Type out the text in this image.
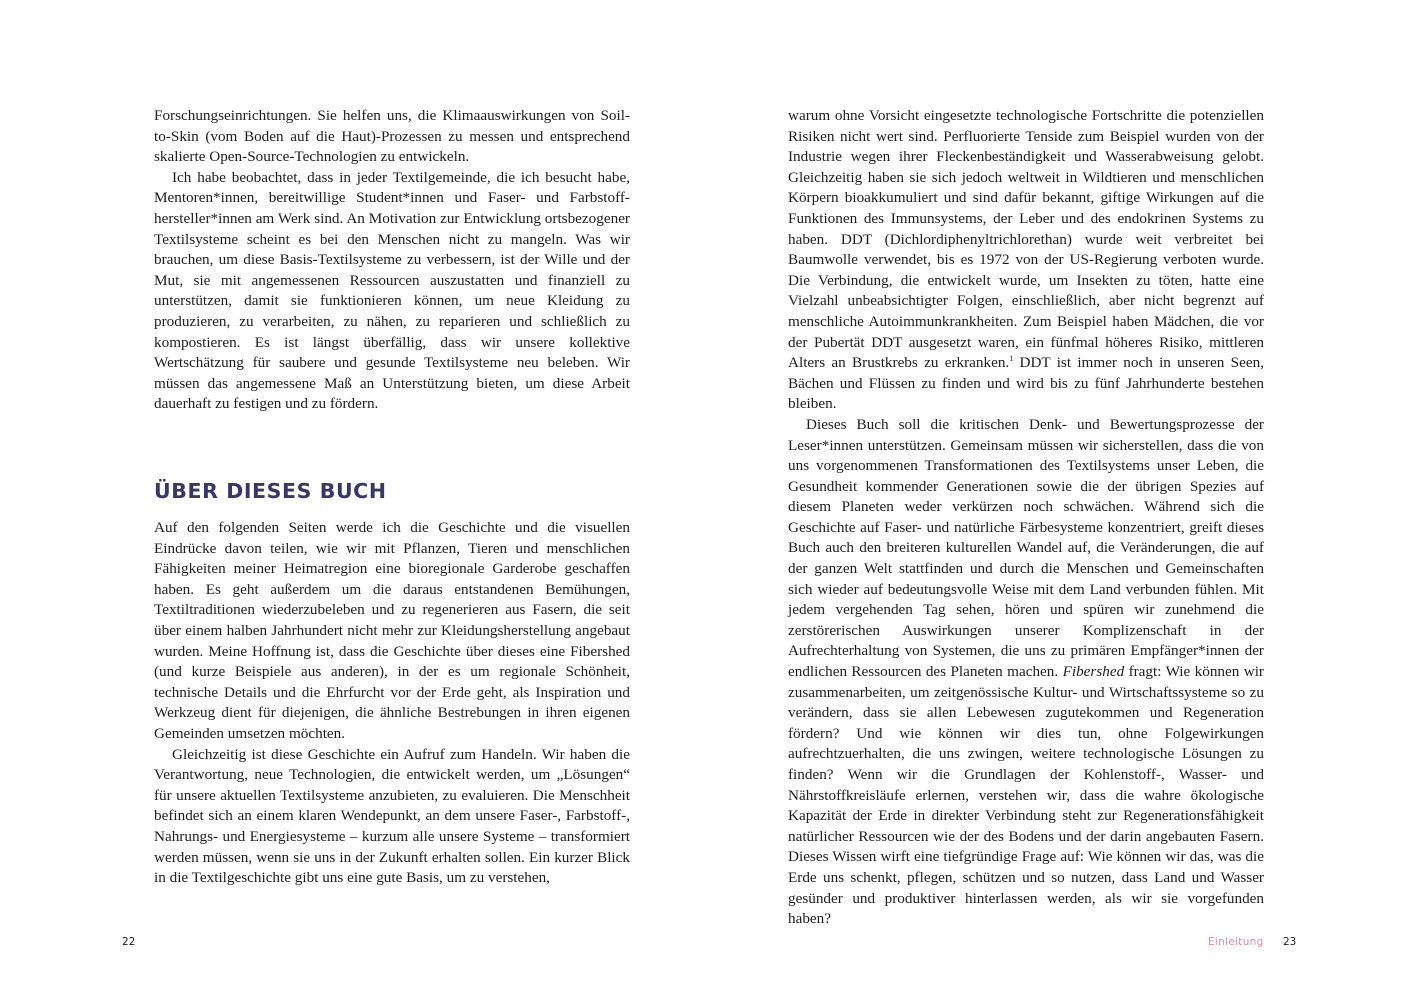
Forschungseinrichtungen. Sie helfen uns, die Klimaauswirkungen von Soil-to-Skin (vom Boden auf die Haut)-Prozessen zu messen und entsprechend skalierte Open-Source-Technologien zu entwickeln.

Ich habe beobachtet, dass in jeder Textilgemeinde, die ich besucht habe, Mentoren*innen, bereitwillige Student*innen und Faser- und Farbstoff-hersteller*innen am Werk sind. An Motivation zur Entwicklung ortsbezogener Textilsysteme scheint es bei den Menschen nicht zu mangeln. Was wir brauchen, um diese Basis-Textilsysteme zu verbessern, ist der Wille und der Mut, sie mit angemessenen Ressourcen auszustatten und finanziell zu unterstützen, damit sie funktionieren können, um neue Kleidung zu produzieren, zu verarbeiten, zu nähen, zu reparieren und schließlich zu kompostieren. Es ist längst überfällig, dass wir unsere kollektive Wertschätzung für saubere und gesunde Textilsysteme neu beleben. Wir müssen das angemessene Maß an Unterstützung bieten, um diese Arbeit dauerhaft zu festigen und zu fördern.

ÜBER DIESES BUCH

Auf den folgenden Seiten werde ich die Geschichte und die visuellen Eindrücke davon teilen, wie wir mit Pflanzen, Tieren und menschlichen Fähigkeiten meiner Heimatregion eine bioregionale Garderobe geschaffen haben. Es geht außerdem um die daraus entstandenen Bemühungen, Textiltraditionen wiederzubeleben und zu regenerieren aus Fasern, die seit über einem halben Jahrhundert nicht mehr zur Kleidungsherstellung angebaut wurden. Meine Hoffnung ist, dass die Geschichte über dieses eine Fibershed (und kurze Beispiele aus anderen), in der es um regionale Schönheit, technische Details und die Ehrfurcht vor der Erde geht, als Inspiration und Werkzeug dient für diejenigen, die ähnliche Bestrebungen in ihren eigenen Gemeinden umsetzen möchten.

Gleichzeitig ist diese Geschichte ein Aufruf zum Handeln. Wir haben die Verantwortung, neue Technologien, die entwickelt werden, um „Lösungen“ für unsere aktuellen Textilsysteme anzubieten, zu evaluieren. Die Menschheit befindet sich an einem klaren Wendepunkt, an dem unsere Faser-, Farbstoff-, Nahrungs- und Energiesysteme – kurzum alle unsere Systeme – transformiert werden müssen, wenn sie uns in der Zukunft erhalten sollen. Ein kurzer Blick in die Textilgeschichte gibt uns eine gute Basis, um zu verstehen,

22

warum ohne Vorsicht eingesetzte technologische Fortschritte die potenziellen Risiken nicht wert sind. Perfluorierte Tenside zum Beispiel wurden von der Industrie wegen ihrer Fleckenbeständigkeit und Wasserabweisung gelobt. Gleichzeitig haben sie sich jedoch weltweit in Wildtieren und menschlichen Körpern bioakkumuliert und sind dafür bekannt, giftige Wirkungen auf die Funktionen des Immunsystems, der Leber und des endokrinen Systems zu haben. DDT (Dichlordiphenyltrichlorethan) wurde weit verbreitet bei Baumwolle verwendet, bis es 1972 von der US-Regierung verboten wurde. Die Verbindung, die entwickelt wurde, um Insekten zu töten, hatte eine Vielzahl unbeabsichtigter Folgen, einschließlich, aber nicht begrenzt auf menschliche Autoimmunkrankheiten. Zum Beispiel haben Mädchen, die vor der Pubertät DDT ausgesetzt waren, ein fünfmal höheres Risiko, mittleren Alters an Brustkrebs zu erkranken.$^1$ DDT ist immer noch in unseren Seen, Bächen und Flüssen zu finden und wird bis zu fünf Jahrhunderte bestehen bleiben.

Dieses Buch soll die kritischen Denk- und Bewertungsprozesse der Leser*innen unterstützen. Gemeinsam müssen wir sicherstellen, dass die von uns vorgenommenen Transformationen des Textilsystems unser Leben, die Gesundheit kommender Generationen sowie die der übrigen Spezies auf diesem Planeten weder verkürzen noch schwächen. Während sich die Geschichte auf Faser- und natürliche Färbesysteme konzentriert, greift dieses Buch auch den breiteren kulturellen Wandel auf, die Veränderungen, die auf der ganzen Welt stattfinden und durch die Menschen und Gemeinschaften sich wieder auf bedeutungsvolle Weise mit dem Land verbunden fühlen. Mit jedem vergehenden Tag sehen, hören und spüren wir zunehmend die zerstörerischen Auswirkungen unserer Komplizenschaft in der Aufrechterhaltung von Systemen, die uns zu primären Empfänger*innen der endlichen Ressourcen des Planeten machen. Fibershed fragt: Wie können wir zusammenarbeiten, um zeitgenössische Kultur- und Wirtschaftssysteme so zu verändern, dass sie allen Lebewesen zugutekommen und Regeneration fördern? Und wie können wir dies tun, ohne Folgewirkungen aufrechtzuerhalten, die uns zwingen, weitere technologische Lösungen zu finden? Wenn wir die Grundlagen der Kohlenstoff-, Wasser- und Nährstoffkreisläufe erlernen, verstehen wir, dass die wahre ökologische Kapazität der Erde in direkter Verbindung steht zur Regenerationsfähigkeit natürlicher Ressourcen wie der des Bodens und der darin angebauten Fasern. Dieses Wissen wirft eine tiefgründige Frage auf: Wie können wir das, was die Erde uns schenkt, pflegen, schützen und so nutzen, dass Land und Wasser gesünder und produktiver hinterlassen werden, als wir sie vorgefunden haben?

Einleitung 23
